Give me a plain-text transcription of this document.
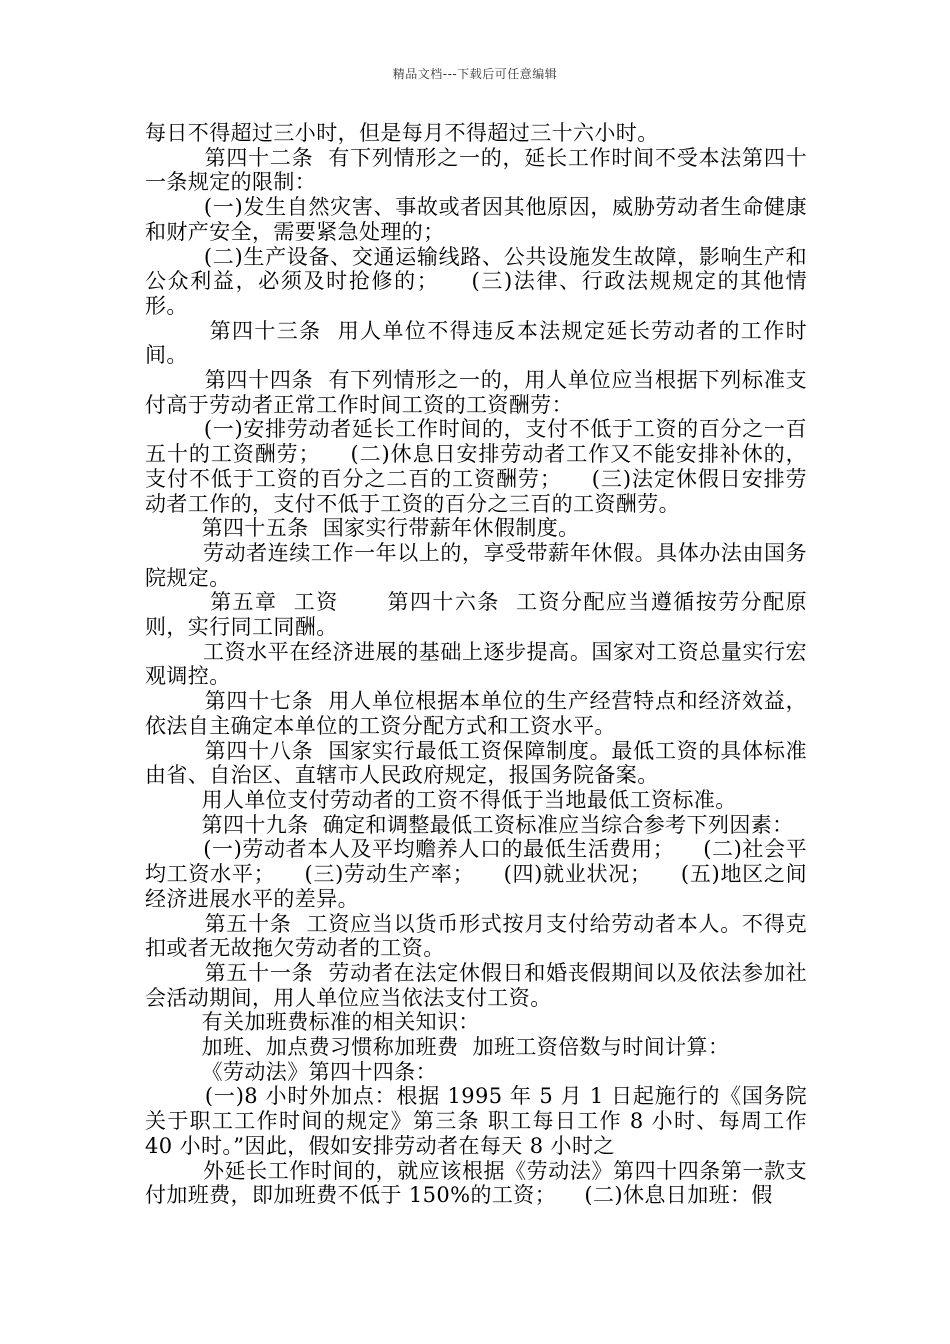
精品文档---下载后可任意编辑

每日不得超过三小时，但是每月不得超过三十六小时。

第四十二条  有下列情形之一的，延长工作时间不受本法第四十一条规定的限制：

(一)发生自然灾害、事故或者因其他原因，威胁劳动者生命健康和财产安全，需要紧急处理的；

(二)生产设备、交通运输线路、公共设施发生故障，影响生产和公众利益，必须及时抢修的；    (三)法律、行政法规规定的其他情形。

第四十三条  用人单位不得违反本法规定延长劳动者的工作时间。

第四十四条  有下列情形之一的，用人单位应当根据下列标准支付高于劳动者正常工作时间工资的工资酬劳：

(一)安排劳动者延长工作时间的，支付不低于工资的百分之一百五十的工资酬劳；    (二)休息日安排劳动者工作又不能安排补休的，支付不低于工资的百分之二百的工资酬劳；    (三)法定休假日安排劳动者工作的，支付不低于工资的百分之三百的工资酬劳。

第四十五条  国家实行带薪年休假制度。

劳动者连续工作一年以上的，享受带薪年休假。具体办法由国务院规定。

第五章  工资      第四十六条  工资分配应当遵循按劳分配原则，实行同工同酬。

工资水平在经济进展的基础上逐步提高。国家对工资总量实行宏观调控。

第四十七条  用人单位根据本单位的生产经营特点和经济效益，依法自主确定本单位的工资分配方式和工资水平。

第四十八条  国家实行最低工资保障制度。最低工资的具体标准由省、自治区、直辖市人民政府规定，报国务院备案。

用人单位支付劳动者的工资不得低于当地最低工资标准。

第四十九条  确定和调整最低工资标准应当综合参考下列因素：

(一)劳动者本人及平均赡养人口的最低生活费用；    (二)社会平均工资水平；    (三)劳动生产率；    (四)就业状况；    (五)地区之间经济进展水平的差异。

第五十条  工资应当以货币形式按月支付给劳动者本人。不得克扣或者无故拖欠劳动者的工资。

第五十一条  劳动者在法定休假日和婚丧假期间以及依法参加社会活动期间，用人单位应当依法支付工资。

有关加班费标准的相关知识：

加班、加点费习惯称加班费  加班工资倍数与时间计算：

《劳动法》第四十四条：

(一)8 小时外加点：根据 1995 年 5 月 1 日起施行的《国务院关于职工工作时间的规定》第三条 职工每日工作 8 小时、每周工作 40 小时。”因此，假如安排劳动者在每天 8 小时之

外延长工作时间的，就应该根据《劳动法》第四十四条第一款支付加班费，即加班费不低于 150%的工资；    (二)休息日加班：假
